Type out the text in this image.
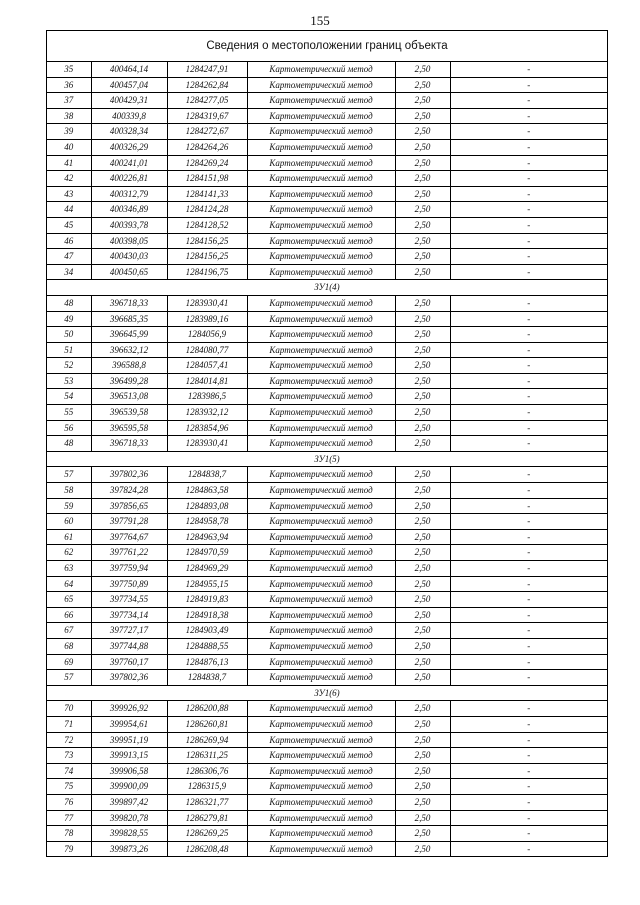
155
Сведения о местоположении границ объекта
35	400464,14	1284247,91	Картометрический метод	2,50	-
36	400457,04	1284262,84	Картометрический метод	2,50	-
37	400429,31	1284277,05	Картометрический метод	2,50	-
38	400339,8	1284319,67	Картометрический метод	2,50	-
39	400328,34	1284272,67	Картометрический метод	2,50	-
40	400326,29	1284264,26	Картометрический метод	2,50	-
41	400241,01	1284269,24	Картометрический метод	2,50	-
42	400226,81	1284151,98	Картометрический метод	2,50	-
43	400312,79	1284141,33	Картометрический метод	2,50	-
44	400346,89	1284124,28	Картометрический метод	2,50	-
45	400393,78	1284128,52	Картометрический метод	2,50	-
46	400398,05	1284156,25	Картометрический метод	2,50	-
47	400430,03	1284156,25	Картометрический метод	2,50	-
34	400450,65	1284196,75	Картометрический метод	2,50	-
ЗУ1(4)					
48	396718,33	1283930,41	Картометрический метод	2,50	-
49	396685,35	1283989,16	Картометрический метод	2,50	-
50	396645,99	1284056,9	Картометрический метод	2,50	-
51	396632,12	1284080,77	Картометрический метод	2,50	-
52	396588,8	1284057,41	Картометрический метод	2,50	-
53	396499,28	1284014,81	Картометрический метод	2,50	-
54	396513,08	1283986,5	Картометрический метод	2,50	-
55	396539,58	1283932,12	Картометрический метод	2,50	-
56	396595,58	1283854,96	Картометрический метод	2,50	-
48	396718,33	1283930,41	Картометрический метод	2,50	-
ЗУ1(5)					
57	397802,36	1284838,7	Картометрический метод	2,50	-
58	397824,28	1284863,58	Картометрический метод	2,50	-
59	397856,65	1284893,08	Картометрический метод	2,50	-
60	397791,28	1284958,78	Картометрический метод	2,50	-
61	397764,67	1284963,94	Картометрический метод	2,50	-
62	397761,22	1284970,59	Картометрический метод	2,50	-
63	397759,94	1284969,29	Картометрический метод	2,50	-
64	397750,89	1284955,15	Картометрический метод	2,50	-
65	397734,55	1284919,83	Картометрический метод	2,50	-
66	397734,14	1284918,38	Картометрический метод	2,50	-
67	397727,17	1284903,49	Картометрический метод	2,50	-
68	397744,88	1284888,55	Картометрический метод	2,50	-
69	397760,17	1284876,13	Картометрический метод	2,50	-
57	397802,36	1284838,7	Картометрический метод	2,50	-
ЗУ1(6)					
70	399926,92	1286200,88	Картометрический метод	2,50	-
71	399954,61	1286260,81	Картометрический метод	2,50	-
72	399951,19	1286269,94	Картометрический метод	2,50	-
73	399913,15	1286311,25	Картометрический метод	2,50	-
74	399906,58	1286306,76	Картометрический метод	2,50	-
75	399900,09	1286315,9	Картометрический метод	2,50	-
76	399897,42	1286321,77	Картометрический метод	2,50	-
77	399820,78	1286279,81	Картометрический метод	2,50	-
78	399828,55	1286269,25	Картометрический метод	2,50	-
79	399873,26	1286208,48	Картометрический метод	2,50	-
